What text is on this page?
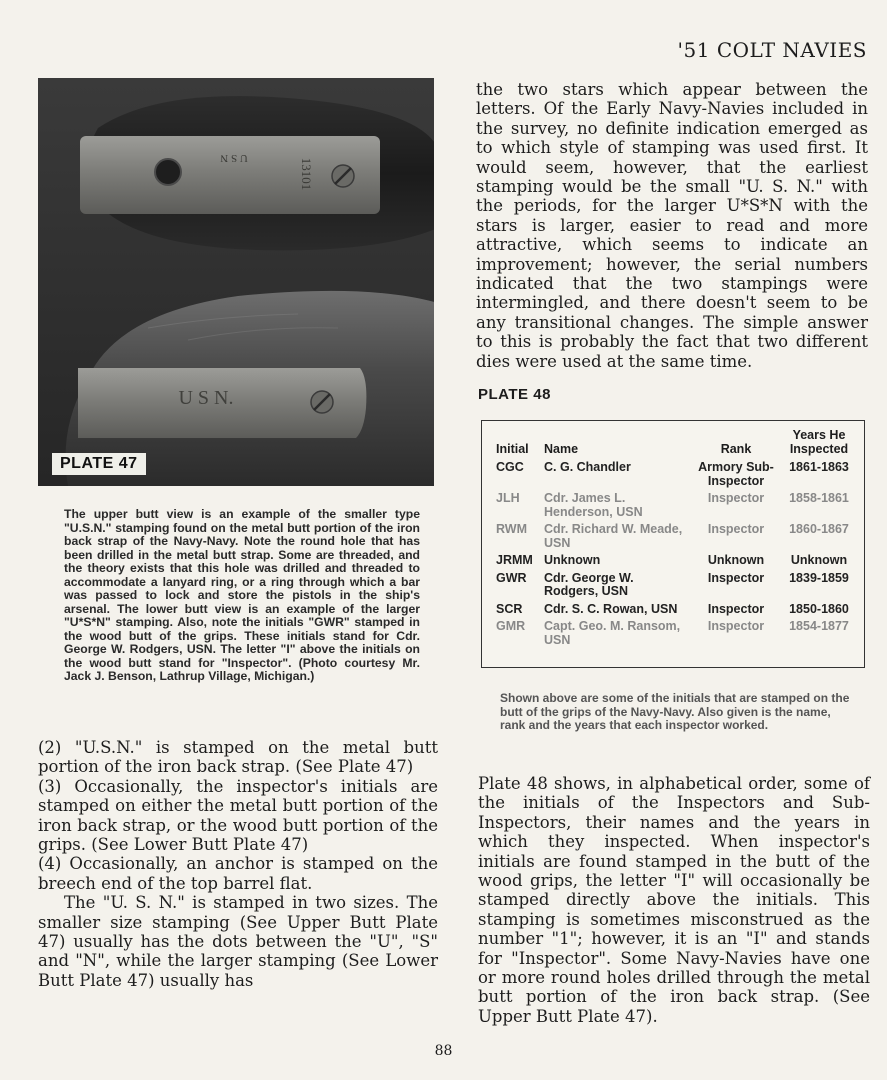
'51 COLT NAVIES
U S N	13101
U S N.
PLATE 47
The upper butt view is an example of the smaller type "U.S.N." stamping found on the metal butt portion of the iron back strap of the Navy-Navy. Note the round hole that has been drilled in the metal butt strap. Some are threaded, and the theory exists that this hole was drilled and threaded to accommodate a lanyard ring, or a ring through which a bar was passed to lock and store the pistols in the ship's arsenal. The lower butt view is an example of the larger "U*S*N" stamping. Also, note the initials "GWR" stamped in the wood butt of the grips. These initials stand for Cdr. George W. Rodgers, USN. The letter "I" above the initials on the wood butt stand for "Inspector". (Photo courtesy Mr. Jack J. Benson, Lathrup Village, Michigan.)

(2) "U.S.N." is stamped on the metal butt portion of the iron back strap. (See Plate 47)

(3) Occasionally, the inspector's initials are stamped on either the metal butt portion of the iron back strap, or the wood butt portion of the grips. (See Lower Butt Plate 47)

(4) Occasionally, an anchor is stamped on the breech end of the top barrel flat.

The "U. S. N." is stamped in two sizes. The smaller size stamping (See Upper Butt Plate 47) usually has the dots between the "U", "S" and "N", while the larger stamping (See Lower Butt Plate 47) usually has

the two stars which appear between the letters. Of the Early Navy-Navies included in the survey, no definite indication emerged as to which style of stamping was used first. It would seem, however, that the earliest stamping would be the small "U. S. N." with the periods, for the larger U*S*N with the stars is larger, easier to read and more attractive, which seems to indicate an improvement; however, the serial numbers indicated that the two stampings were intermingled, and there doesn't seem to be any transitional changes. The simple answer to this is probably the fact that two different dies were used at the same time.

PLATE 48
Initial	Name	Rank	Years He Inspected
CGC	C. G. Chandler	Armory Sub-Inspector	1861-1863
JLH	Cdr. James L. Henderson, USN	Inspector	1858-1861
RWM	Cdr. Richard W. Meade, USN	Inspector	1860-1867
JRMM	Unknown	Unknown	Unknown
GWR	Cdr. George W. Rodgers, USN	Inspector	1839-1859
SCR	Cdr. S. C. Rowan, USN	Inspector	1850-1860
GMR	Capt. Geo. M. Ransom, USN	Inspector	1854-1877
Shown above are some of the initials that are stamped on the butt of the grips of the Navy-Navy. Also given is the name, rank and the years that each inspector worked.

Plate 48 shows, in alphabetical order, some of the initials of the Inspectors and Sub-Inspectors, their names and the years in which they inspected. When inspector's initials are found stamped in the butt of the wood grips, the letter "I" will occasionally be stamped directly above the initials. This stamping is sometimes misconstrued as the number "1"; however, it is an "I" and stands for "Inspector". Some Navy-Navies have one or more round holes drilled through the metal butt portion of the iron back strap. (See Upper Butt Plate 47).

88
